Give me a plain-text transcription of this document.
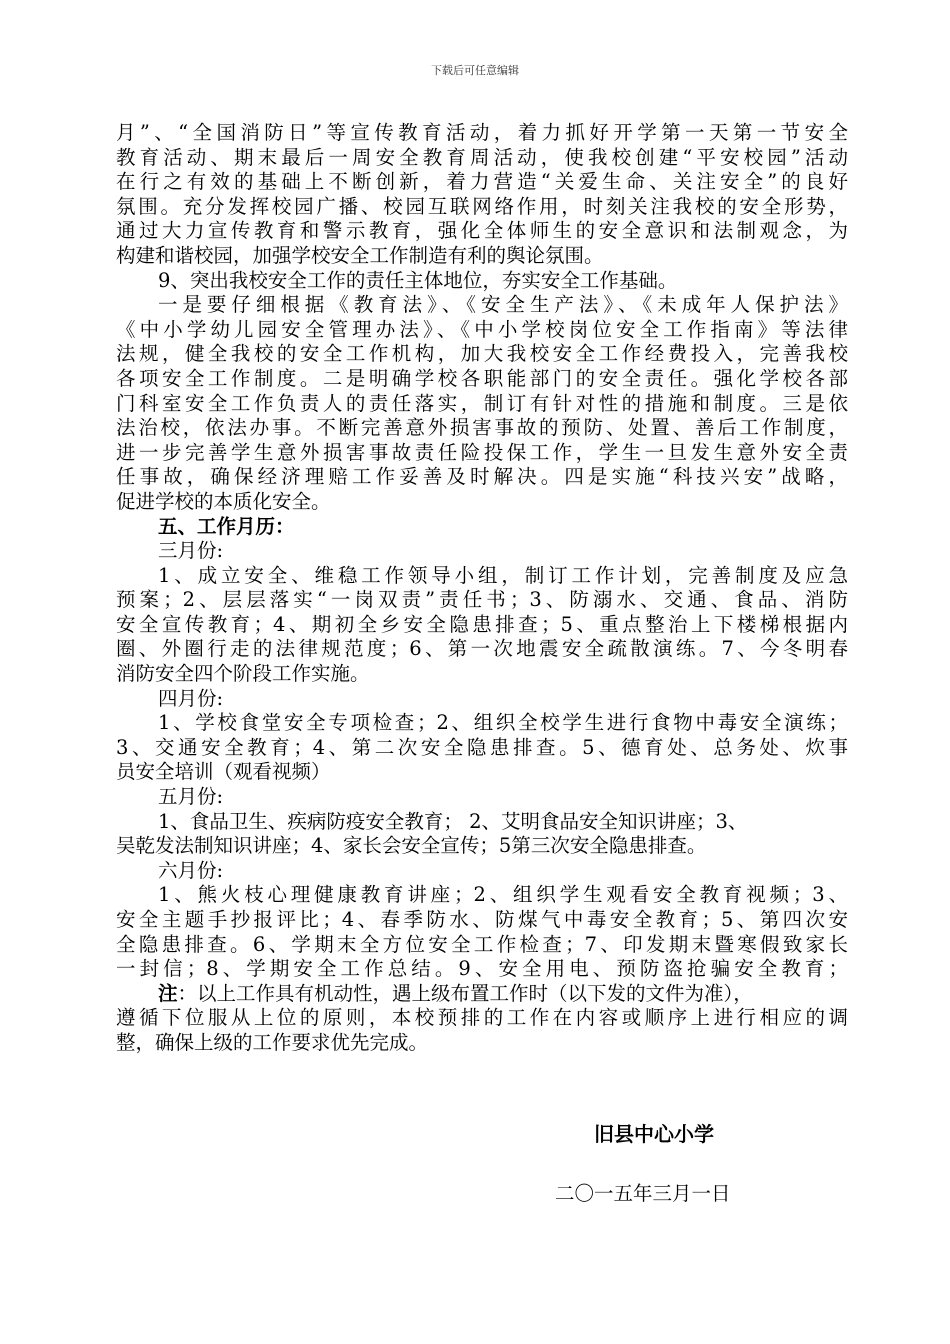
下载后可任意编辑
月”、“全国消防日”等宣传教育活动，着力抓好开学第一天第一节安全
教育活动、期末最后一周安全教育周活动，使我校创建“平安校园”活动
在行之有效的基础上不断创新，着力营造“关爱生命、关注安全”的良好
氛围。充分发挥校园广播、校园互联网络作用，时刻关注我校的安全形势，
通过大力宣传教育和警示教育，强化全体师生的安全意识和法制观念，为
构建和谐校园，加强学校安全工作制造有利的舆论氛围。
9、突出我校安全工作的责任主体地位，夯实安全工作基础。
一是要仔细根据《教育法》、《安全生产法》、《未成年人保护法》
《中小学幼儿园安全管理办法》、《中小学校岗位安全工作指南》等法律
法规，健全我校的安全工作机构，加大我校安全工作经费投入，完善我校
各项安全工作制度。二是明确学校各职能部门的安全责任。强化学校各部
门科室安全工作负责人的责任落实，制订有针对性的措施和制度。三是依
法治校，依法办事。不断完善意外损害事故的预防、处置、善后工作制度，
进一步完善学生意外损害事故责任险投保工作，学生一旦发生意外安全责
任事故，确保经济理赔工作妥善及时解决。四是实施“科技兴安”战略，
促进学校的本质化安全。
五、工作月历：
三月份:
1、成立安全、维稳工作领导小组，制订工作计划，完善制度及应急
预案；2、层层落实“一岗双责”责任书；3、防溺水、交通、食品、消防
安全宣传教育；4、期初全乡安全隐患排查；5、重点整治上下楼梯根据内
圈、外圈行走的法律规范度；6、第一次地震安全疏散演练。7、今冬明春
消防安全四个阶段工作实施。
四月份:
1、学校食堂安全专项检查；2、组织全校学生进行食物中毒安全演练；
3、交通安全教育；4、第二次安全隐患排查。5、德育处、总务处、炊事
员安全培训（观看视频）
五月份:
1、食品卫生、疾病防疫安全教育； 2、艾明食品安全知识讲座；3、
吴乾发法制知识讲座；4、家长会安全宣传；5第三次安全隐患排查。
六月份:
1、熊火枝心理健康教育讲座；2、组织学生观看安全教育视频；3、
安全主题手抄报评比；4、春季防水、防煤气中毒安全教育；5、第四次安
全隐患排查。6、学期末全方位安全工作检查；7、印发期末暨寒假致家长
一封信；8、学期安全工作总结。9、安全用电、预防盗抢骗安全教育；
注：以上工作具有机动性，遇上级布置工作时（以下发的文件为准），
遵循下位服从上位的原则，本校预排的工作在内容或顺序上进行相应的调
整，确保上级的工作要求优先完成。
旧县中心小学
二〇一五年三月一日
